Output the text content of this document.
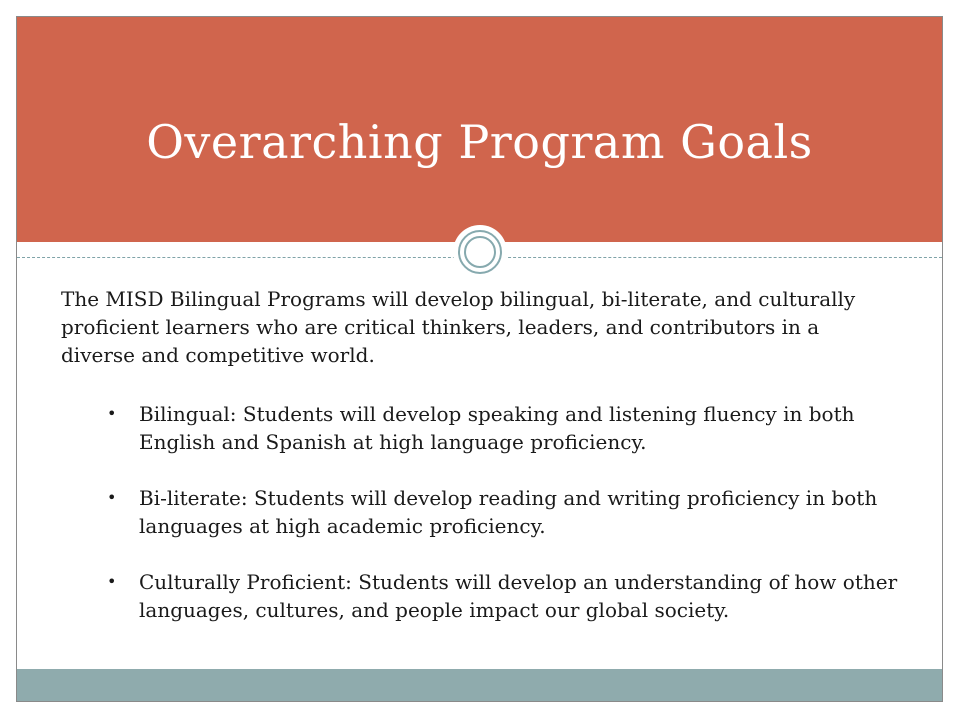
Overarching Program Goals

The MISD Bilingual Programs will develop bilingual, bi-literate, and culturally proficient learners who are critical thinkers, leaders, and contributors in a diverse and competitive world.

• Bilingual: Students will develop speaking and listening fluency in both English and Spanish at high language proficiency.
• Bi-literate: Students will develop reading and writing proficiency in both languages at high academic proficiency.
• Culturally Proficient: Students will develop an understanding of how other languages, cultures, and people impact our global society.
